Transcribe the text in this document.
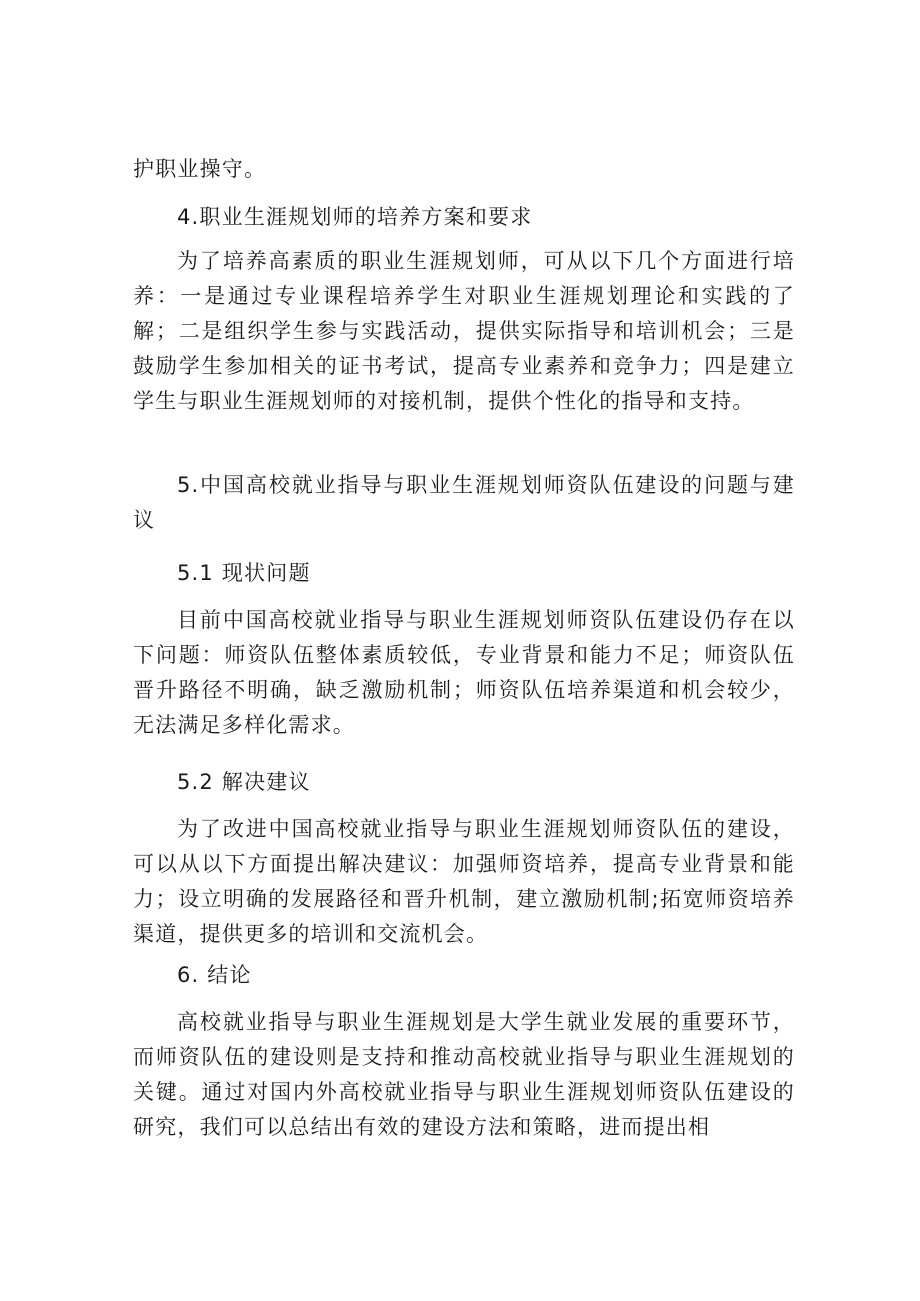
护职业操守。

4.职业生涯规划师的培养方案和要求

为了培养高素质的职业生涯规划师，可从以下几个方面进行培养：一是通过专业课程培养学生对职业生涯规划理论和实践的了解；二是组织学生参与实践活动，提供实际指导和培训机会；三是鼓励学生参加相关的证书考试，提高专业素养和竞争力；四是建立学生与职业生涯规划师的对接机制，提供个性化的指导和支持。

5.中国高校就业指导与职业生涯规划师资队伍建设的问题与建议

5.1 现状问题

目前中国高校就业指导与职业生涯规划师资队伍建设仍存在以下问题：师资队伍整体素质较低，专业背景和能力不足；师资队伍晋升路径不明确，缺乏激励机制；师资队伍培养渠道和机会较少，无法满足多样化需求。

5.2 解决建议

为了改进中国高校就业指导与职业生涯规划师资队伍的建设，可以从以下方面提出解决建议：加强师资培养，提高专业背景和能力；设立明确的发展路径和晋升机制，建立激励机制;拓宽师资培养渠道，提供更多的培训和交流机会。

6. 结论

高校就业指导与职业生涯规划是大学生就业发展的重要环节，而师资队伍的建设则是支持和推动高校就业指导与职业生涯规划的关键。通过对国内外高校就业指导与职业生涯规划师资队伍建设的研究，我们可以总结出有效的建设方法和策略，进而提出相
